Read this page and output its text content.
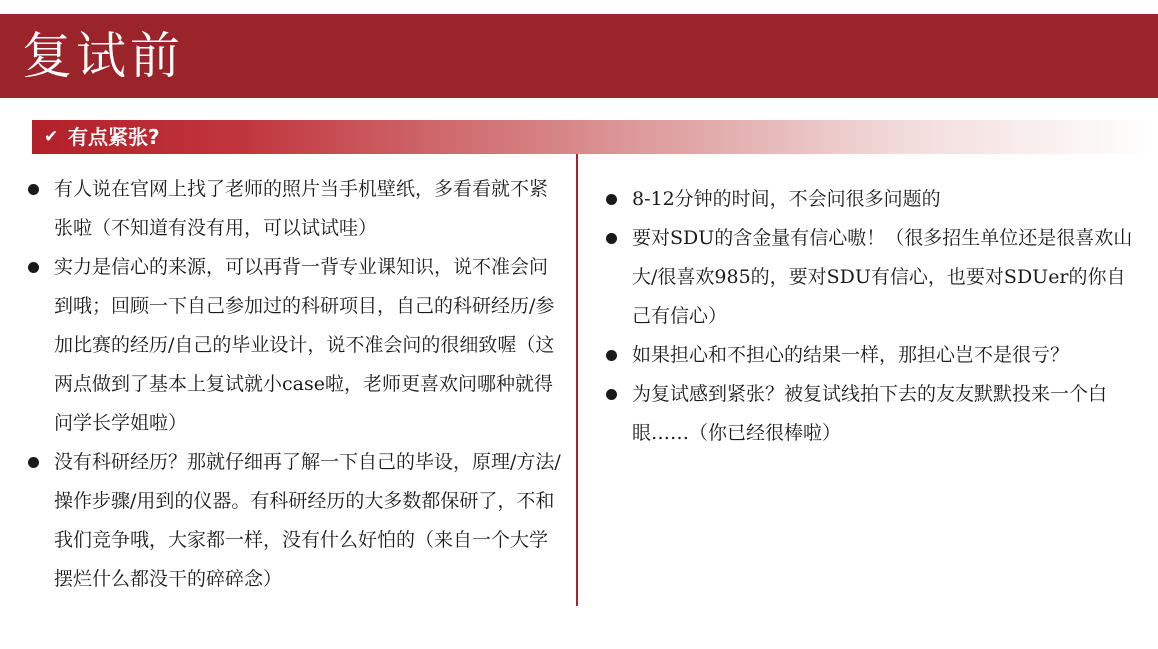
复试前
✔ 有点紧张?
有人说在官网上找了老师的照片当手机壁纸，多看看就不紧张啦（不知道有没有用，可以试试哇）
实力是信心的来源，可以再背一背专业课知识，说不准会问到哦；回顾一下自己参加过的科研项目，自己的科研经历/参加比赛的经历/自己的毕业设计，说不准会问的很细致喔（这两点做到了基本上复试就小case啦，老师更喜欢问哪种就得问学长学姐啦）
没有科研经历？那就仔细再了解一下自己的毕设，原理/方法/操作步骤/用到的仪器。有科研经历的大多数都保研了，不和我们竞争哦，大家都一样，没有什么好怕的（来自一个大学摆烂什么都没干的碎碎念）
8-12分钟的时间，不会问很多问题的
要对SDU的含金量有信心嗷！（很多招生单位还是很喜欢山大/很喜欢985的，要对SDU有信心，也要对SDUer的你自己有信心）
如果担心和不担心的结果一样，那担心岂不是很亏？
为复试感到紧张？被复试线拍下去的友友默默投来一个白眼……（你已经很棒啦）
